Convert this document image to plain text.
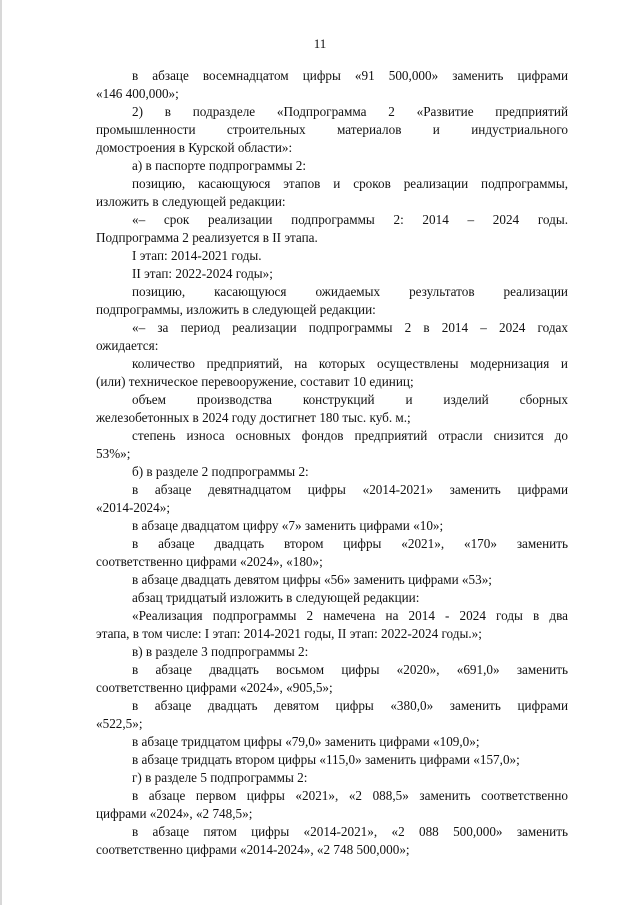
11
в абзаце восемнадцатом цифры «91 500,000» заменить цифрами
«146 400,000»;
2) в подразделе «Подпрограмма 2 «Развитие предприятий
промышленности строительных материалов и индустриального
домостроения в Курской области»:
а) в паспорте подпрограммы 2:
позицию, касающуюся этапов и сроков реализации подпрограммы,
изложить в следующей редакции:
«– срок реализации подпрограммы 2: 2014 – 2024 годы.
Подпрограмма 2 реализуется в II этапа.
I этап: 2014-2021 годы.
II этап: 2022-2024 годы»;
позицию, касающуюся ожидаемых результатов реализации
подпрограммы, изложить в следующей редакции:
«– за период реализации подпрограммы 2 в 2014 – 2024 годах
ожидается:
количество предприятий, на которых осуществлены модернизация и
(или) техническое перевооружение, составит 10 единиц;
объем производства конструкций и изделий сборных
железобетонных в 2024 году достигнет 180 тыс. куб. м.;
степень износа основных фондов предприятий отрасли снизится до
53%»;
б) в разделе 2 подпрограммы 2:
в абзаце девятнадцатом цифры «2014-2021» заменить цифрами
«2014-2024»;
в абзаце двадцатом цифру «7» заменить цифрами «10»;
в абзаце двадцать втором цифры «2021», «170» заменить
соответственно цифрами «2024», «180»;
в абзаце двадцать девятом цифры «56» заменить цифрами «53»;
абзац тридцатый изложить в следующей редакции:
«Реализация подпрограммы 2 намечена на 2014 - 2024 годы в два
этапа, в том числе: I этап: 2014-2021 годы, II этап: 2022-2024 годы.»;
в) в разделе 3 подпрограммы 2:
в абзаце двадцать восьмом цифры «2020», «691,0» заменить
соответственно цифрами «2024», «905,5»;
в абзаце двадцать девятом цифры «380,0» заменить цифрами
«522,5»;
в абзаце тридцатом цифры «79,0» заменить цифрами «109,0»;
в абзаце тридцать втором цифры «115,0» заменить цифрами «157,0»;
г) в разделе 5 подпрограммы 2:
в абзаце первом цифры «2021», «2 088,5» заменить соответственно
цифрами «2024», «2 748,5»;
в абзаце пятом цифры «2014-2021», «2 088 500,000» заменить
соответственно цифрами «2014-2024», «2 748 500,000»;
